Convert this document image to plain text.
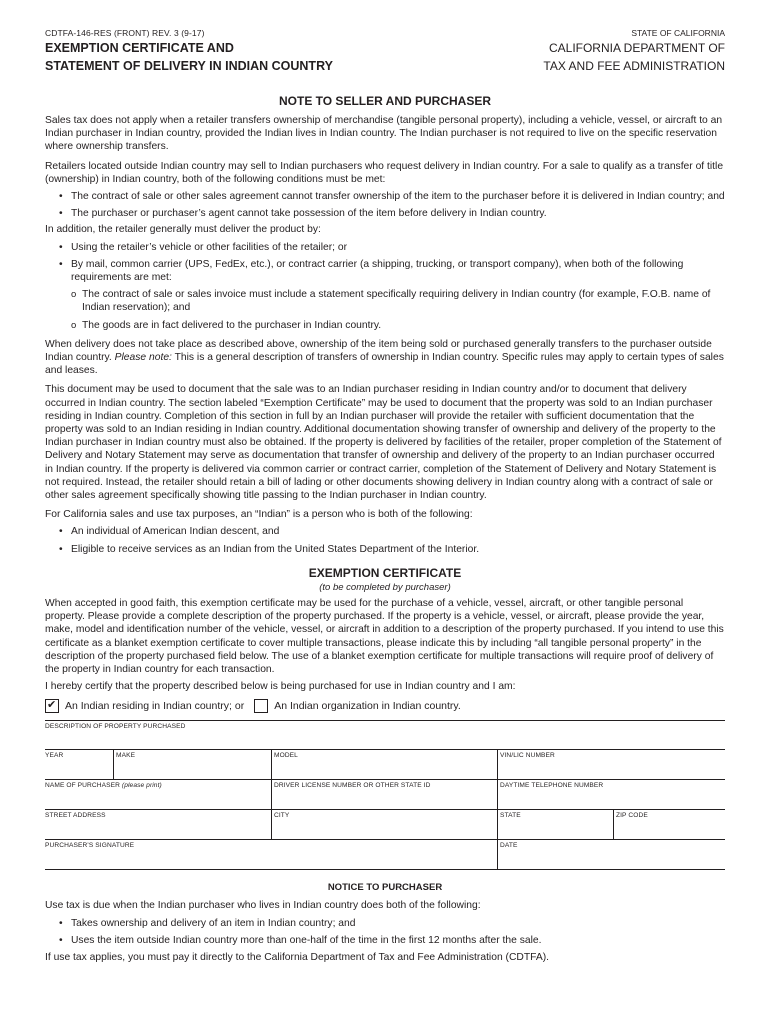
CDTFA-146-RES (FRONT) REV. 3 (9-17)
EXEMPTION CERTIFICATE AND
STATEMENT OF DELIVERY IN INDIAN COUNTRY
STATE OF CALIFORNIA
CALIFORNIA DEPARTMENT OF
TAX AND FEE ADMINISTRATION
NOTE TO SELLER AND PURCHASER

Sales tax does not apply when a retailer transfers ownership of merchandise (tangible personal property), including a vehicle, vessel, or aircraft to an Indian purchaser in Indian country, provided the Indian lives in Indian country. The Indian purchaser is not required to live on the specific reservation where ownership transfers.

Retailers located outside Indian country may sell to Indian purchasers who request delivery in Indian country. For a sale to qualify as a transfer of title (ownership) in Indian country, both of the following conditions must be met:

• The contract of sale or other sales agreement cannot transfer ownership of the item to the purchaser before it is delivered in Indian country; and
• The purchaser or purchaser’s agent cannot take possession of the item before delivery in Indian country.

In addition, the retailer generally must deliver the product by:

• Using the retailer’s vehicle or other facilities of the retailer; or
• By mail, common carrier (UPS, FedEx, etc.), or contract carrier (a shipping, trucking, or transport company), when both of the following requirements are met:
o The contract of sale or sales invoice must include a statement specifically requiring delivery in Indian country (for example, F.O.B. name of Indian reservation); and
o The goods are in fact delivered to the purchaser in Indian country.

When delivery does not take place as described above, ownership of the item being sold or purchased generally transfers to the purchaser outside Indian country. Please note: This is a general description of transfers of ownership in Indian country. Specific rules may apply to certain types of sales and leases.

This document may be used to document that the sale was to an Indian purchaser residing in Indian country and/or to document that delivery occurred in Indian country. The section labeled “Exemption Certificate” may be used to document that the property was sold to an Indian purchaser residing in Indian country. Completion of this section in full by an Indian purchaser will provide the retailer with sufficient documentation that the property was sold to an Indian residing in Indian country. Additional documentation showing transfer of ownership and delivery of the property to the Indian purchaser in Indian country must also be obtained. If the property is delivered by facilities of the retailer, proper completion of the Statement of Delivery and Notary Statement may serve as documentation that transfer of ownership and delivery of the property to an Indian purchaser occurred in Indian country. If the property is delivered via common carrier or contract carrier, completion of the Statement of Delivery and Notary Statement is not required. Instead, the retailer should retain a bill of lading or other documents showing delivery in Indian country along with a contract of sale or other sales agreement specifically showing title passing to the Indian purchaser in Indian country.

For California sales and use tax purposes, an “Indian” is a person who is both of the following:

• An individual of American Indian descent, and
• Eligible to receive services as an Indian from the United States Department of the Interior.
EXEMPTION CERTIFICATE
(to be completed by purchaser)

When accepted in good faith, this exemption certificate may be used for the purchase of a vehicle, vessel, aircraft, or other tangible personal property. Please provide a complete description of the property purchased. If the property is a vehicle, vessel, or aircraft, please provide the year, make, model and identification number of the vehicle, vessel, or aircraft in addition to a description of the property purchased. If you intend to use this certificate as a blanket exemption certificate to cover multiple transactions, please indicate this by including “all tangible personal property” in the description of the property purchased field below. The use of a blanket exemption certificate for multiple transactions will require proof of delivery of the property in Indian country for each transaction.

I hereby certify that the property described below is being purchased for use in Indian country and I am:

✔
An Indian residing in Indian country; or	An Indian organization in Indian country.
DESCRIPTION OF PROPERTY PURCHASED
YEAR	MAKE	MODEL	VIN/LIC NUMBER
NAME OF PURCHASER (please print)	DRIVER LICENSE NUMBER OR OTHER STATE ID	DAYTIME TELEPHONE NUMBER
STREET ADDRESS	CITY	STATE	ZIP CODE
PURCHASER’S SIGNATURE	DATE
NOTICE TO PURCHASER

Use tax is due when the Indian purchaser who lives in Indian country does both of the following:

• Takes ownership and delivery of an item in Indian country; and
• Uses the item outside Indian country more than one-half of the time in the first 12 months after the sale.

If use tax applies, you must pay it directly to the California Department of Tax and Fee Administration (CDTFA).
